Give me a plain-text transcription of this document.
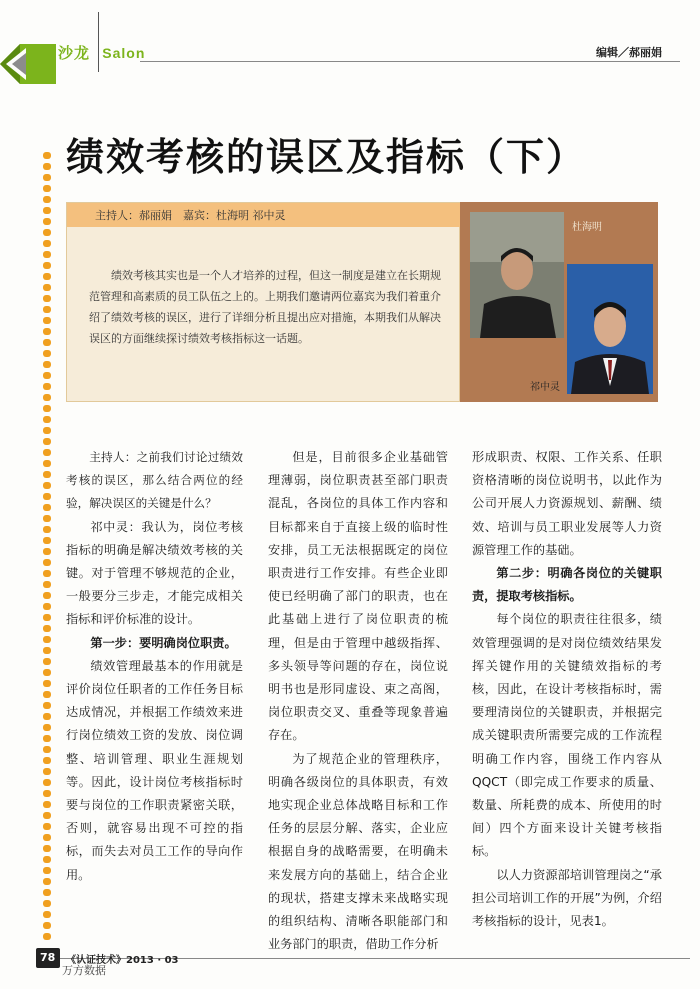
沙龙 Salon	编辑／郝丽娟
绩效考核的误区及指标（下）
主持人：郝丽娟　嘉宾：杜海明 祁中灵

绩效考核其实也是一个人才培养的过程，但这一制度是建立在长期规范管理和高素质的员工队伍之上的。上期我们邀请两位嘉宾为我们着重介绍了绩效考核的误区，进行了详细分析且提出应对措施，本期我们从解决误区的方面继续探讨绩效考核指标这一话题。

杜海明
祁中灵

主持人：之前我们讨论过绩效考核的误区，那么结合两位的经验，解决误区的关键是什么？

祁中灵：我认为，岗位考核指标的明确是解决绩效考核的关键。对于管理不够规范的企业，一般要分三步走，才能完成相关指标和评价标准的设计。

第一步：要明确岗位职责。

绩效管理最基本的作用就是评价岗位任职者的工作任务目标达成情况，并根据工作绩效来进行岗位绩效工资的发放、岗位调整、培训管理、职业生涯规划等。因此，设计岗位考核指标时要与岗位的工作职责紧密关联，否则，就容易出现不可控的指标，而失去对员工工作的导向作用。

但是，目前很多企业基础管理薄弱，岗位职责甚至部门职责混乱，各岗位的具体工作内容和目标都来自于直接上级的临时性安排，员工无法根据既定的岗位职责进行工作安排。有些企业即使已经明确了部门的职责，也在此基础上进行了岗位职责的梳理，但是由于管理中越级指挥、多头领导等问题的存在，岗位说明书也是形同虚设、束之高阁，岗位职责交叉、重叠等现象普遍存在。

为了规范企业的管理秩序，明确各级岗位的具体职责，有效地实现企业总体战略目标和工作任务的层层分解、落实，企业应根据自身的战略需要，在明确未来发展方向的基础上，结合企业的现状，搭建支撑未来战略实现的组织结构、清晰各职能部门和业务部门的职责，借助工作分析

形成职责、权限、工作关系、任职资格清晰的岗位说明书，以此作为公司开展人力资源规划、薪酬、绩效、培训与员工职业发展等人力资源管理工作的基础。

第二步：明确各岗位的关键职责，提取考核指标。

每个岗位的职责往往很多，绩效管理强调的是对岗位绩效结果发挥关键作用的关键绩效指标的考核，因此，在设计考核指标时，需要理清岗位的关键职责，并根据完成关键职责所需要完成的工作流程明确工作内容，围绕工作内容从QQCT（即完成工作要求的质量、数量、所耗费的成本、所使用的时间）四个方面来设计关键考核指标。

以人力资源部培训管理岗之“承担公司培训工作的开展”为例，介绍考核指标的设计，见表1。

78 《认证技术》2013 · 03
万方数据
